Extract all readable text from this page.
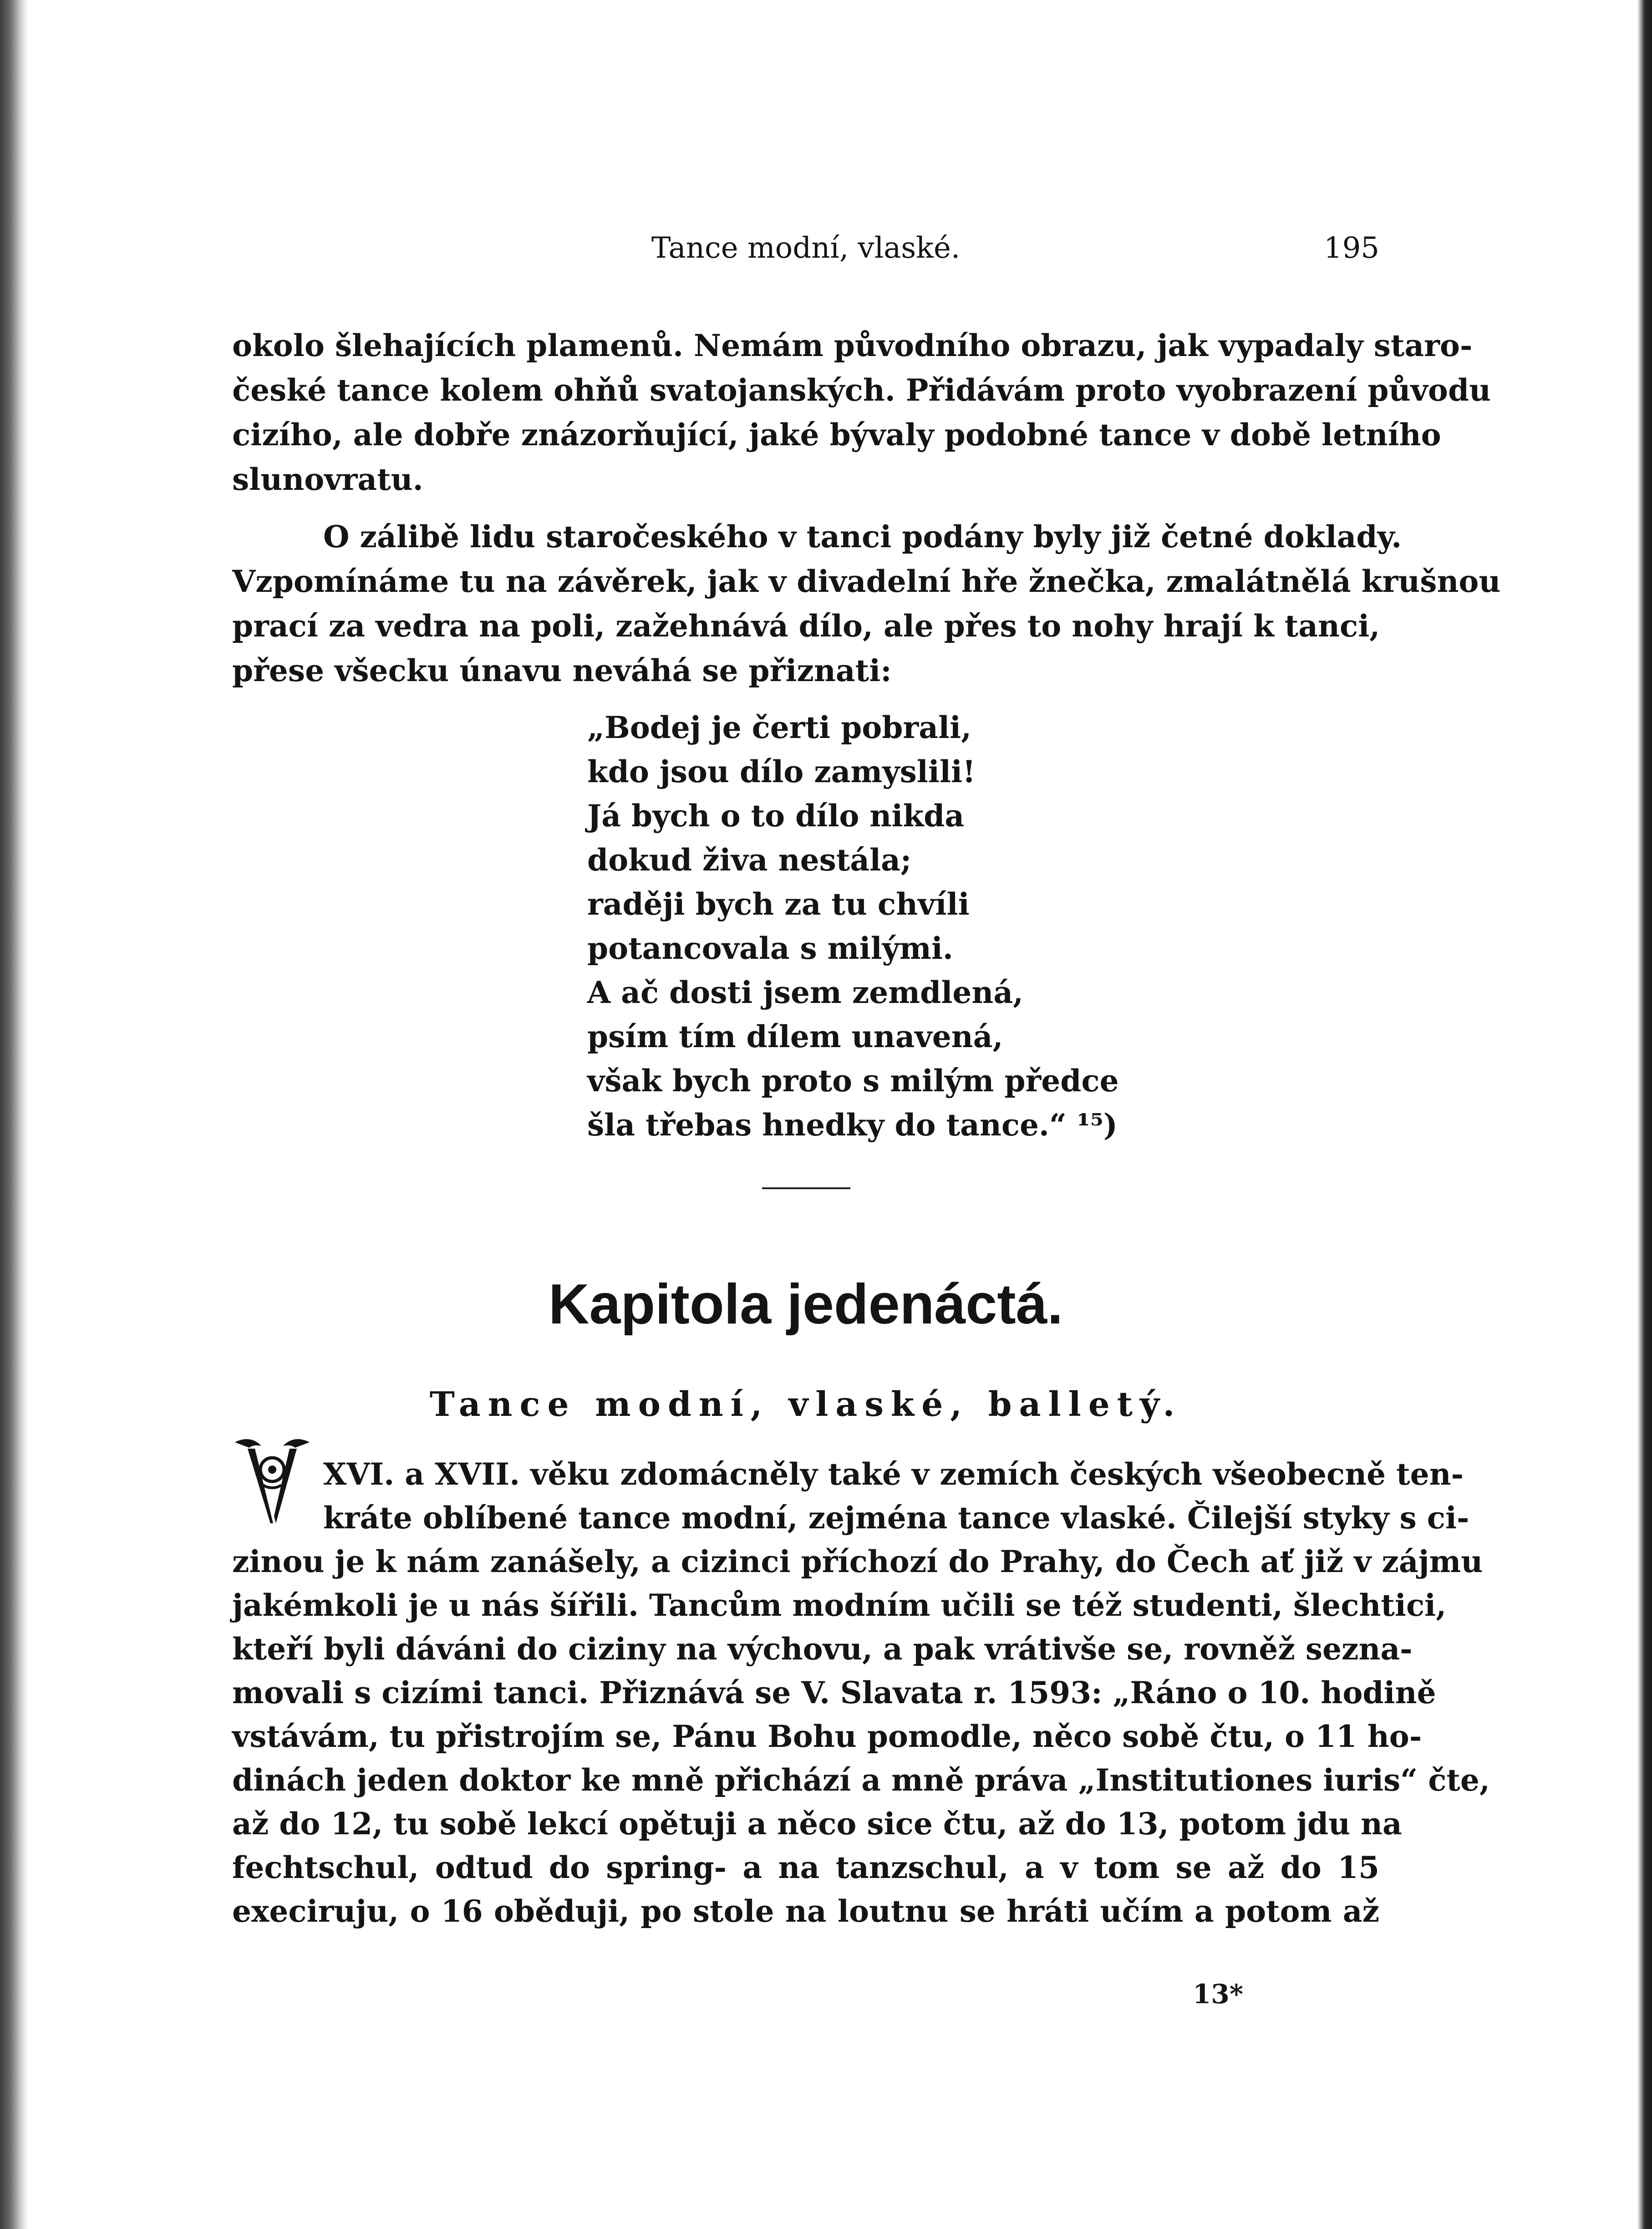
Tance modní, vlaské.	195
okolo šlehajících plamenů. Nemám původního obrazu, jak vypadaly staro-
české tance kolem ohňů svatojanských. Přidávám proto vyobrazení původu
cizího, ale dobře znázorňující, jaké bývaly podobné tance v době letního
slunovratu.
O zálibě lidu staročeského v tanci podány byly již četné doklady.
Vzpomínáme tu na závěrek, jak v divadelní hře žnečka, zmalátnělá krušnou
prací za vedra na poli, zažehnává dílo, ale přes to nohy hrají k tanci,
přese všecku únavu neváhá se přiznati:
„Bodej je čerti pobrali,
kdo jsou dílo zamyslili!
Já bych o to dílo nikda
dokud živa nestála;
raději bych za tu chvíli
potancovala s milými.
A ač dosti jsem zemdlená,
psím tím dílem unavená,
však bych proto s milým předce
šla třebas hnedky do tance.“ ¹⁵)
Kapitola jedenáctá.
Tance modní, vlaské, balletý.
XVI. a XVII. věku zdomácněly také v zemích českých všeobecně ten-
kráte oblíbené tance modní, zejména tance vlaské. Čilejší styky s ci-
zinou je k nám zanášely, a cizinci příchozí do Prahy, do Čech ať již v zájmu
jakémkoli je u nás šířili. Tancům modním učili se též studenti, šlechtici,
kteří byli dáváni do ciziny na výchovu, a pak vrátivše se, rovněž sezna-
movali s cizími tanci. Přiznává se V. Slavata r. 1593: „Ráno o 10. hodině
vstávám, tu přistrojím se, Pánu Bohu pomodle, něco sobě čtu, o 11 ho-
dinách jeden doktor ke mně přichází a mně práva „Institutiones iuris“ čte,
až do 12, tu sobě lekcí opětuji a něco sice čtu, až do 13, potom jdu na
fechtschul, odtud do spring- a na tanzschul, a v tom se až do 15
execiruju, o 16 oběduji, po stole na loutnu se hráti učím a potom až
13*
